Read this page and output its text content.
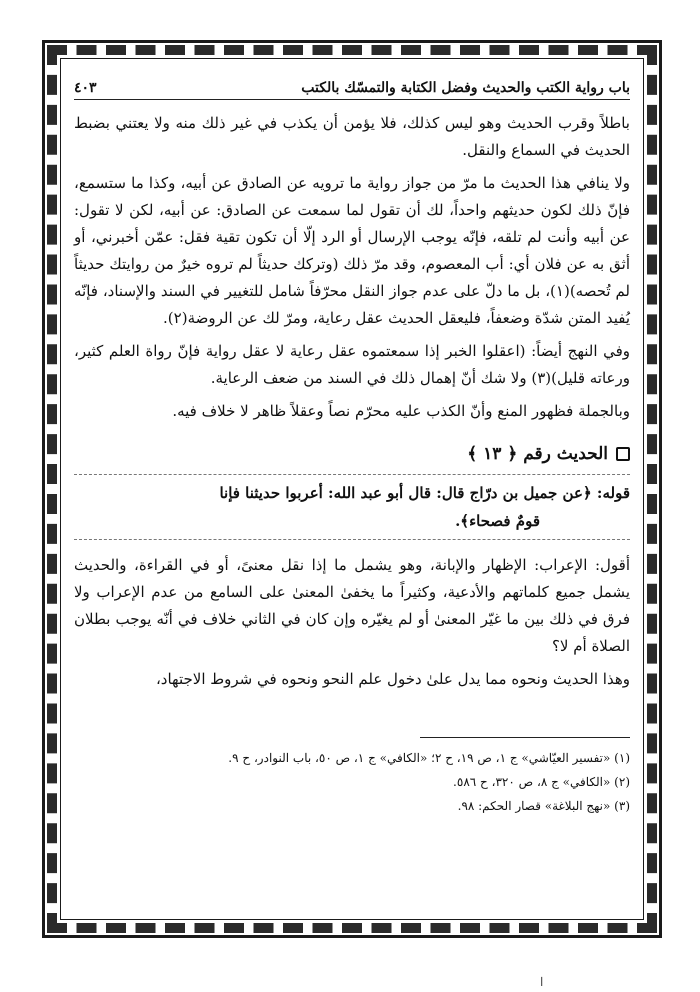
باب رواية الكتب والحديث وفضل الكتابة والتمسّك بالكتب
٤٠٣

باطلاً وقرب الحديث وهو ليس كذلك، فلا يؤمن أن يكذب في غير ذلك منه ولا يعتني بضبط الحديث في السماع والنقل.

ولا ينافي هذا الحديث ما مرّ من جواز رواية ما ترويه عن الصادق عن أبيه، وكذا ما ستسمع، فإنّ ذلك لكون حديثهم واحداً، لك أن تقول لما سمعت عن الصادق: عن أبيه، لكن لا تقول: عن أبيه وأنت لم تلقه، فإنّه يوجب الإرسال أو الرد إلّا أن تكون تقية فقل: عمّن أخبرني، أو أثق به عن فلان أي: أب المعصوم، وقد مرّ ذلك (وتركك حديثاً لم تروه خيرٌ من روايتك حديثاً لم تُحصه)(١)، بل ما دلّ على عدم جواز النقل محرّفاً شامل للتغيير في السند والإسناد، فإنّه يُفيد المتن شدّة وضعفاً، فليعقل الحديث عقل رعاية، ومرّ لك عن الروضة(٢).

وفي النهج أيضاً: (اعقلوا الخبر إذا سمعتموه عقل رعاية لا عقل رواية فإنّ رواة العلم كثير، ورعاته قليل)(٣) ولا شك أنّ إهمال ذلك في السند من ضعف الرعاية.

وبالجملة فظهور المنع وأنّ الكذب عليه محرّم نصاً وعقلاً ظاهر لا خلاف فيه.

الحديث رقم ﴿ ١٣ ﴾
قوله: ﴿عن جميل بن درّاج قال: قال أبو عبد الله: أعربوا حديثنا فإنا
قومٌ فصحاء﴾.

أقول: الإعراب: الإظهار والإبانة، وهو يشمل ما إذا نقل معنىً، أو في القراءة، والحديث يشمل جميع كلماتهم والأدعية، وكثيراً ما يخفىٰ المعنىٰ على السامع من عدم الإعراب ولا فرق في ذلك بين ما غيّر المعنىٰ أو لم يغيّره وإن كان في الثاني خلاف في أنّه يوجب بطلان الصلاة أم لا؟

وهذا الحديث ونحوه مما يدل علىٰ دخول علم النحو ونحوه في شروط الاجتهاد،

(١) «تفسير العيّاشي» ج ١، ص ١٩، ح ٢؛ «الكافي» ج ١، ص ٥٠، باب النوادر، ح ٩.

(٢) «الكافي» ج ٨، ص ٣٢٠، ح ٥٨٦.

(٣) «نهج البلاغة» قصار الحكم: ٩٨.

ا
